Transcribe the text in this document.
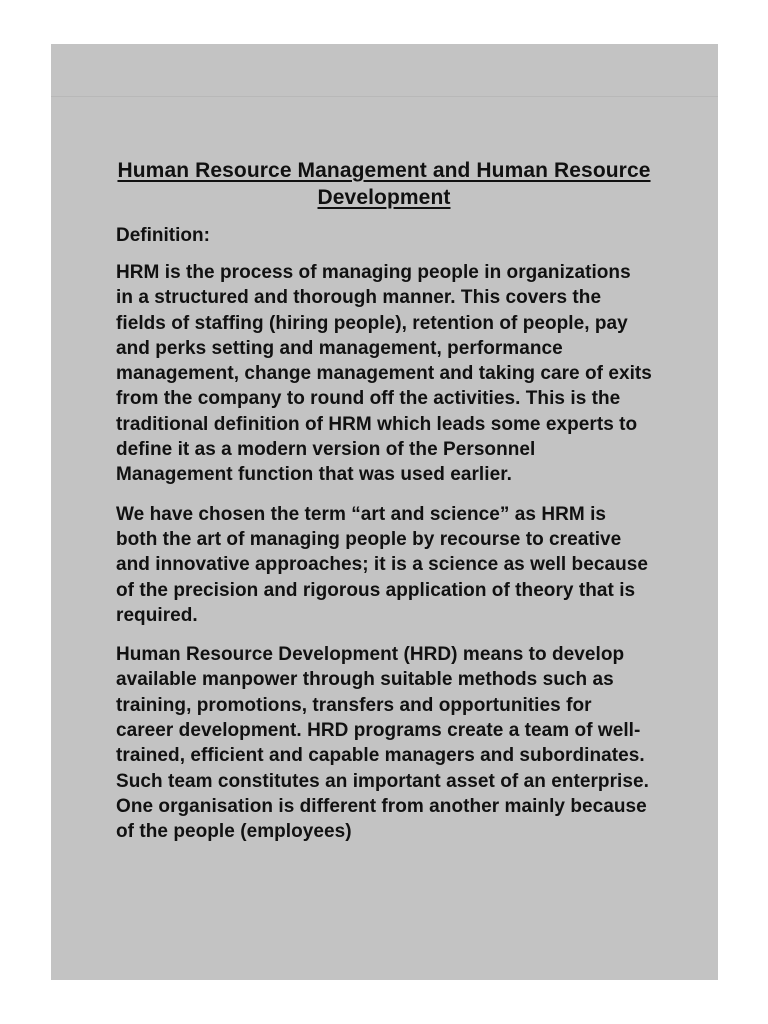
Human Resource Management and Human Resource Development

Definition:

HRM is the process of managing people in organizations in a structured and thorough manner. This covers the fields of staffing (hiring people), retention of people, pay and perks setting and management, performance management, change management and taking care of exits from the company to round off the activities. This is the traditional definition of HRM which leads some experts to define it as a modern version of the Personnel Management function that was used earlier.

We have chosen the term “art and science” as HRM is both the art of managing people by recourse to creative and innovative approaches; it is a science as well because of the precision and rigorous application of theory that is required.

Human Resource Development (HRD) means to develop available manpower through suitable methods such as training, promotions, transfers and opportunities for career development. HRD programs create a team of well-trained, efficient and capable managers and subordinates. Such team constitutes an important asset of an enterprise. One organisation is different from another mainly because of the people (employees)
